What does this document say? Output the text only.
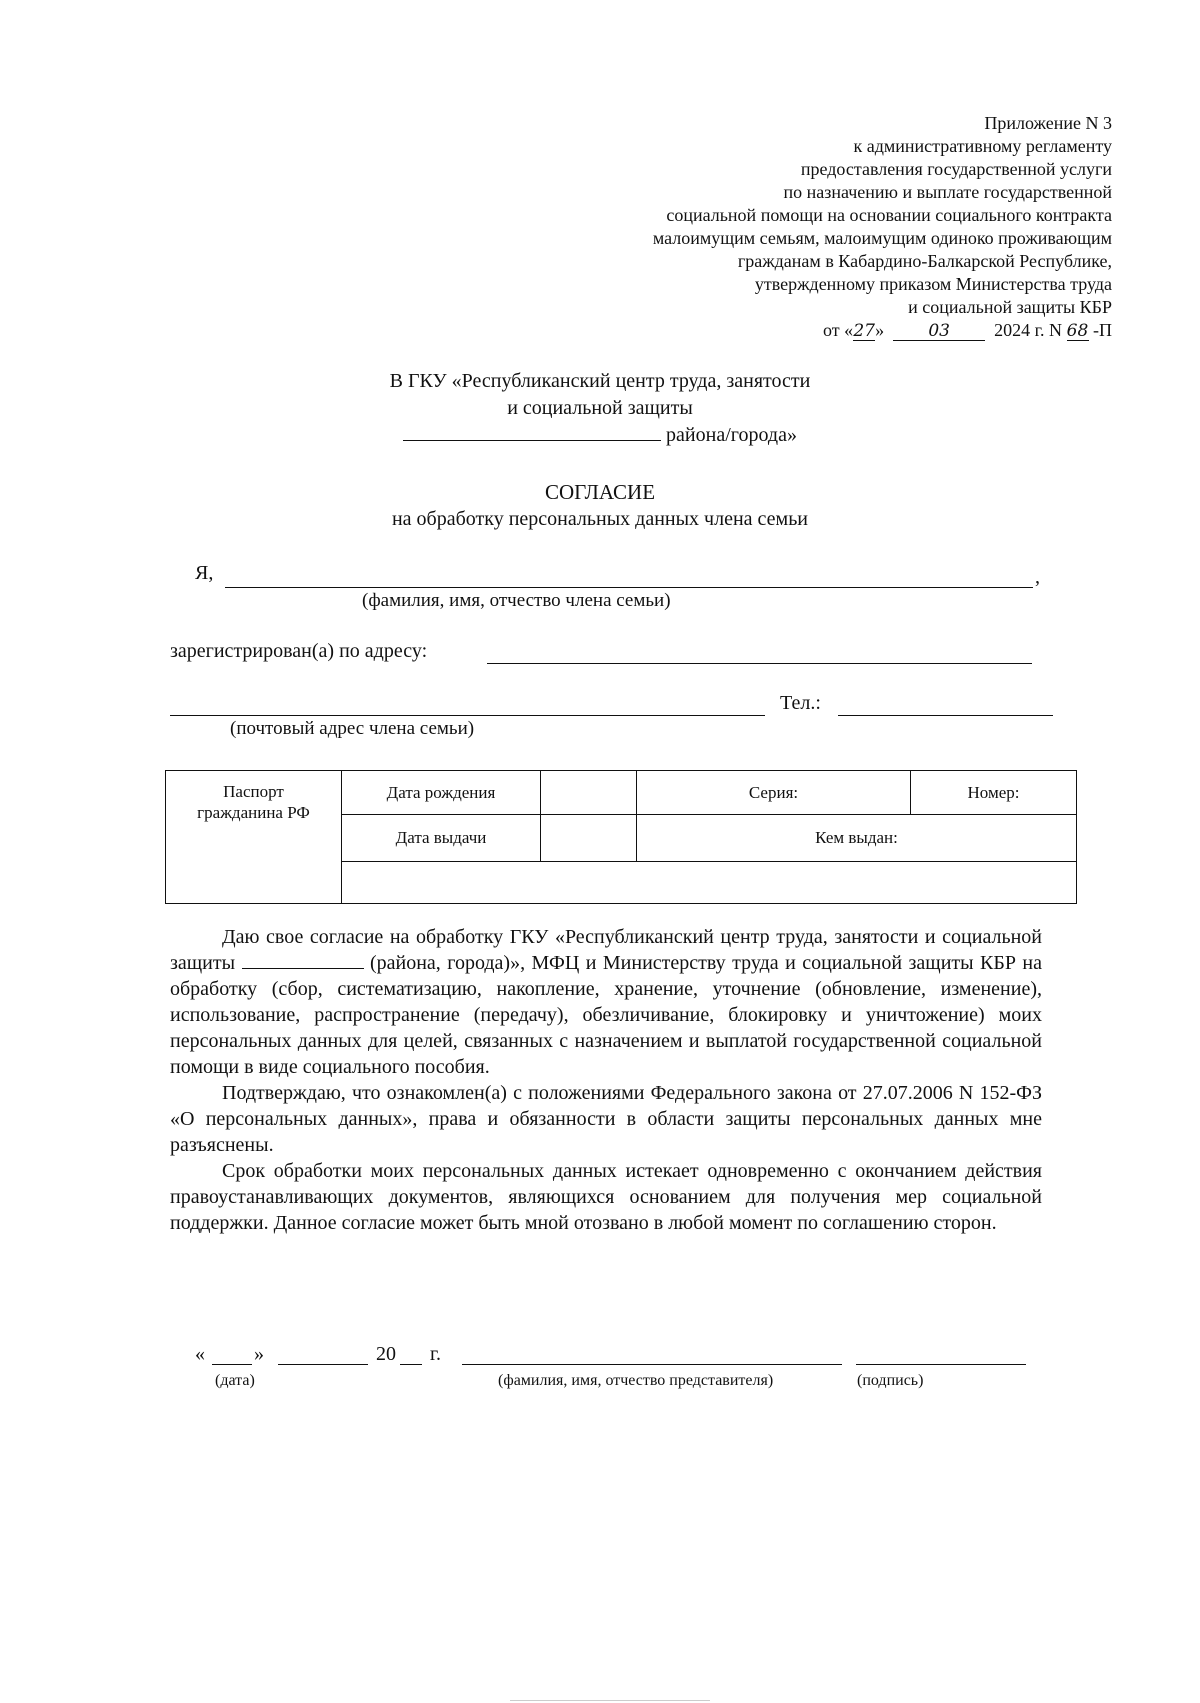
Приложение N 3
к административному регламенту
предоставления государственной услуги
по назначению и выплате государственной
социальной помощи на основании социального контракта
малоимущим семьям, малоимущим одиноко проживающим
гражданам в Кабардино-Балкарской Республике,
утвержденному приказом Министерства труда
и социальной защиты КБР
от «27»	03 2024 г. N 68 -П
В ГКУ «Республиканский центр труда, занятости
и социальной защиты
района/города»
СОГЛАСИЕ
на обработку персональных данных члена семьи
Я,	,
(фамилия, имя, отчество члена семьи)
зарегистрирован(а) по адресу:
Тел.:
(почтовый адрес члена семьи)
Паспорт
гражданина РФ	Дата рождения		Серия:	Номер:
	Дата выдачи		Кем выдан:	

Даю свое согласие на обработку ГКУ «Республиканский центр труда, занятости и социальной защиты	(района, города)», МФЦ и Министерству труда и социальной защиты КБР на обработку (сбор, систематизацию, накопление, хранение, уточнение (обновление, изменение), использование, распространение (передачу), обезличивание, блокировку и уничтожение) моих персональных данных для целей, связанных с назначением и выплатой государственной социальной помощи в виде социального пособия.

Подтверждаю, что ознакомлен(а) с положениями Федерального закона от 27.07.2006 N 152-ФЗ «О персональных данных», права и обязанности в области защиты персональных данных мне разъяснены.

Срок обработки моих персональных данных истекает одновременно с окончанием действия правоустанавливающих документов, являющихся основанием для получения мер социальной поддержки. Данное согласие может быть мной отозвано в любой момент по соглашению сторон.

« »	20 г.
(дата)	(фамилия, имя, отчество представителя)	(подпись)
